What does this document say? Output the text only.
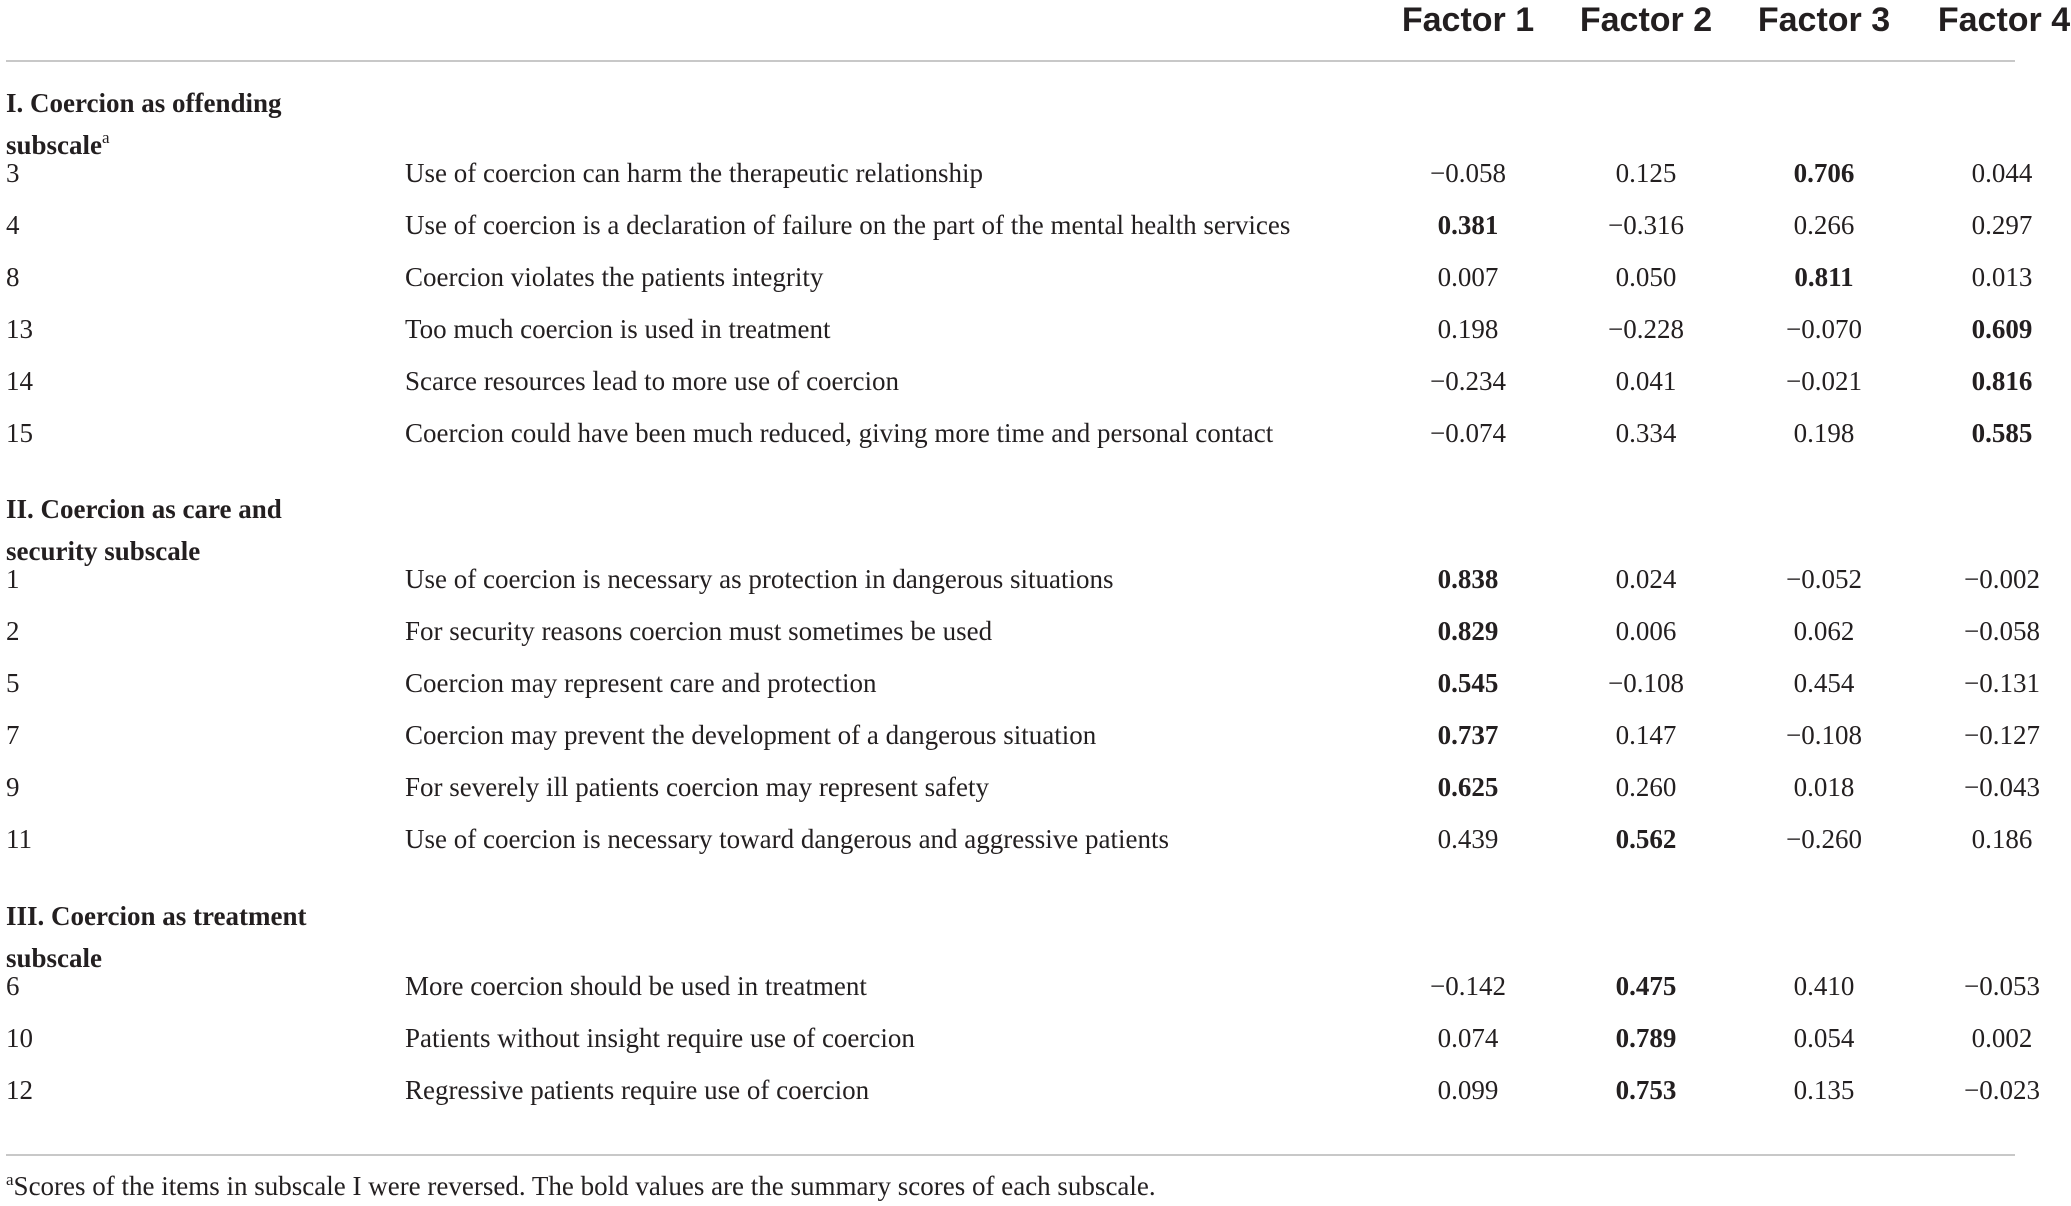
Factor 1 Factor 2 Factor 3 Factor 4
$^a$Scores of the items in subscale I were reversed. The bold values are the summary scores of each subscale.
I. Coercion as offending
subscale$^a$
3	Use of coercion can harm the therapeutic relationship	−0.058	0.125	0.706	0.044
4	Use of coercion is a declaration of failure on the part of the mental health services	0.381	−0.316	0.266	0.297
8	Coercion violates the patients integrity	0.007	0.050	0.811	0.013
13	Too much coercion is used in treatment	0.198	−0.228	−0.070	0.609
14	Scarce resources lead to more use of coercion	−0.234	0.041	−0.021	0.816
15	Coercion could have been much reduced, giving more time and personal contact	−0.074	0.334	0.198	0.585
II. Coercion as care and
security subscale
1	Use of coercion is necessary as protection in dangerous situations	0.838	0.024	−0.052	−0.002
2	For security reasons coercion must sometimes be used	0.829	0.006	0.062	−0.058
5	Coercion may represent care and protection	0.545	−0.108	0.454	−0.131
7	Coercion may prevent the development of a dangerous situation	0.737	0.147	−0.108	−0.127
9	For severely ill patients coercion may represent safety	0.625	0.260	0.018	−0.043
11	Use of coercion is necessary toward dangerous and aggressive patients	0.439	0.562	−0.260	0.186
III. Coercion as treatment
subscale
6	More coercion should be used in treatment	−0.142	0.475	0.410	−0.053
10	Patients without insight require use of coercion	0.074	0.789	0.054	0.002
12	Regressive patients require use of coercion	0.099	0.753	0.135	−0.023
